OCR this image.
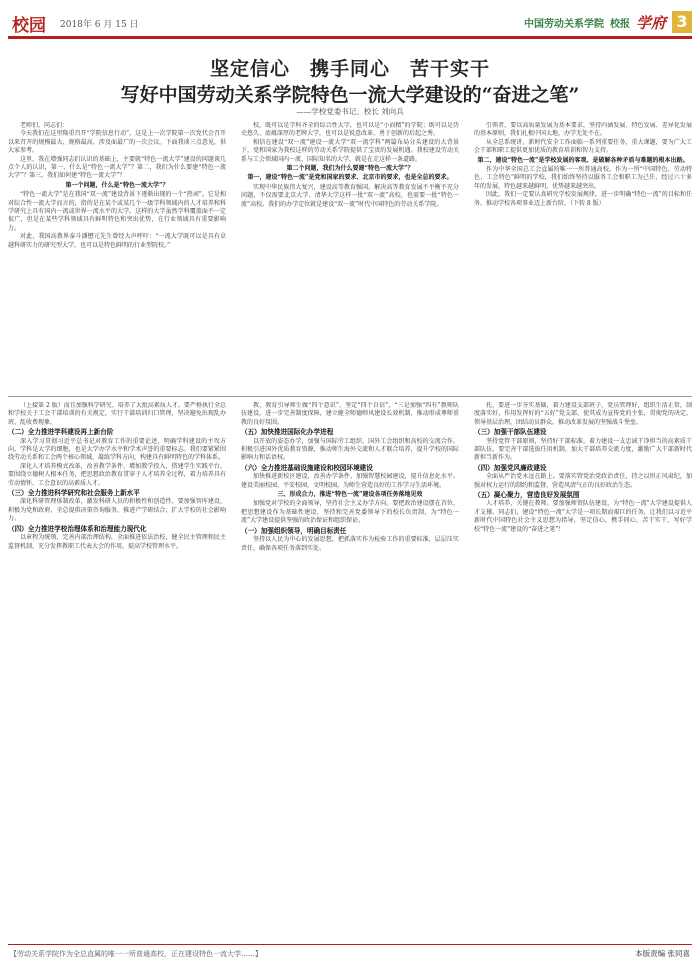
校园 2018年 6 月 15 日	中国劳动关系学院 校报 学府 3
坚定信心　携手同心　苦干实干
写好中国劳动关系学院特色一流大学建设的“奋进之笔”
——学校党委书记、校长 刘向兵

老师们，同志们：

今天我们在这里隆重召开“学院信息行动”，这是上一次学院第一次党代会召开以来召开的规模最大、规格最高、涉及面最广的一次会议。下面我谈三点意见，供大家参考。

这里，我在增强同志们认识的基础上，主要就“特色一流大学”建设的问题谈几点个人的认识，第一，什么是“特色一流大学”？第二，我们为什么要建“特色一流大学”？第三，我们如何建“特色一流大学”？

第一个问题，什么是“特色一流大学”？

“特色一流大学”是在我国“双一流”建设背景下逐渐出现的一个“热词”。它是相对综合性一流大学而言的，指的是在某个或某几个一级学科领域内的人才培养和科学研究上具有国内一流或世界一流水平的大学。这样的大学虽然学科覆盖面不一定很广，但是在某些学科领域具有鲜明特色和突出优势，在行业领域具有重要影响力。

对此，我国高教界泰斗潘懋元先生曾经大声呼吁：“一流大学既可以是具有卓越科研实力的研究型大学，也可以是特色鲜明的行业型院校。”

校，既可以是学科齐全的综合性大学，也可以是“小而精”的学院；既可以是历史悠久、底蕴深厚的老牌大学，也可以是锐意改革、勇于创新的后起之秀。

相信在建设“双一流”建设一流大学“双一流学科”两篇布局分头建设的大背景下，党和国家为我校这样的劳动关系学院提供了宝贵的发展机遇。我校建设劳动关系与工会领域国内一流、国际知名的大学，就是在走这样一条道路。

第二个问题，我们为什么要建“特色一流大学”？

第一，建设“特色一流”是党和国家的要求、北京市的要求，也是全总的要求。

实现中华民族伟大复兴，建设高等教育强国，解决高等教育发展不平衡不充分问题，不仅需要北京大学、清华大学这样一批“双一流”高校，也需要一批“特色一流”高校。我们的办学定位就是建设“双一流”时代中国特色的劳动关系学院。

引领者，要以高质量发展为基本要求，坚持内涵发展、特色发展、差异化发展的基本原则，我们扎根中国大地，办学无处不在。

从全总系统讲，新时代安全工作面临一系列重要任务，重大课题，要为广大工会干部和职工提供更加优质的教育培训和智力支持。

第二，建设“特色一流”是学校发展的客观、是破解各种矛盾与难题的根本出路。

作为中华全国总工会直属的唯一一所普通高校，作为一所“中国特色、劳动特色、工会特色”鲜明的学校，我们始终坚持以服务工会和职工为己任，经过六十多年的发展，特色越来越鲜明，优势越来越突出。

因此，我们一定要认真研究学校发展规律，进一步明确“特色一流”的目标和任务，推动学校各项事业迈上新台阶。（下转 8 版）

（上接第 2 版）而且加强科学研究、培养了大批高素质人才。要严格执行全总和学校关于工会干部培训的有关规定，实行干部培训归口管理，坚决避免出现乱办班、乱收费现象。

（二）全力推进学科建设再上新台阶

深入学习贯彻习近平总书记对教育工作的重要论述，明确学科建设的主攻方向。学科是大学的细胞，也是大学办学水平和学术声誉的重要标志。我们要紧紧围绕劳动关系和工会两个核心领域，凝练学科方向，构建具有鲜明特色的学科体系。

深化人才培养模式改革，改善教学条件，增加教学投入，搭建学生实践平台，要围绕立德树人根本任务，把思想政治教育贯穿于人才培养全过程，着力培养具有劳动情怀、工会意识的高素质人才。

（三）全力推进科学研究和社会服务上新水平

深化科研管理体制改革，激发科研人员的积极性和创造性。要加强智库建设，积极为党和政府、全总提供决策咨询服务，推进产学研结合，扩大学校的社会影响力。

（四）全力推进学校治理体系和治理能力现代化

以章程为统领，完善内部治理结构，全面推进依法治校，健全民主管理和民主监督机制，充分发挥教职工代表大会的作用，提高学校管理水平。

教，教育引导师生做“四个意识”、坚定“四个自信”，“三是加强“四有”教师队伍建设，进一步完善制度保障，建立健全师德师风建设长效机制，推动形成尊师重教的良好氛围。

（五）加快推进国际化办学进程

以开放的姿态办学，加强与国际劳工组织、国外工会组织和高校的交流合作，积极引进国外优质教育资源，推动师生海外交流和人才联合培养，提升学校的国际影响力和话语权。

（六）全力推进基础设施建设和校园环境建设

加快推进新校区建设，改善办学条件。加强智慧校园建设，提升信息化水平。建设美丽校园、平安校园、文明校园，为师生营造良好的工作学习生活环境。

三、形成合力，推进“特色一流”建设各项任务落地见效

加强党对学校的全面领导，坚持社会主义办学方向。要把政治建设摆在首位，把思想建设作为基础性建设，坚持和完善党委领导下的校长负责制，为“特色一流”大学建设提供坚强的政治保证和组织保证。

（一）加强组织领导，明确目标责任

坚持以人民为中心的发展思想，把抓落实作为检验工作的重要标准，层层压实责任，确保各项任务落到实处。

托，要进一步夯实基础，着力建设支部班子，党员管理好，组织生活正常，制度落实好，作用发挥好的“五好”党支部，使其成为宣传党的主张，贯彻党的决定，领导基层治理，团结动员群众，推动改革发展的坚强战斗堡垒。

（三）加强干部队伍建设

坚持党管干部原则，坚持好干部标准，着力建设一支忠诚干净担当的高素质干部队伍。要完善干部选拔任用机制，加大干部培养交流力度，激励广大干部新时代新担当新作为。

（四）加强党风廉政建设

全面从严治党永远在路上。要落实管党治党政治责任，持之以恒正风肃纪，加强对权力运行的制约和监督，营造风清气正的良好政治生态。

（五）凝心聚力，营造良好发展氛围

人才培养，关键在教师。要加强师资队伍建设，为“特色一流”大学建设提供人才支撑。同志们，建设“特色一流”大学是一项长期而艰巨的任务，让我们以习近平新时代中国特色社会主义思想为指导，坚定信心，携手同心，苦干实干，写好学校“特色一流”建设的“奋进之笔”！

【劳动关系学院作为全总直属的唯一一所普通高校，正在建设特色一流大学……】	本版责编 张同喜
